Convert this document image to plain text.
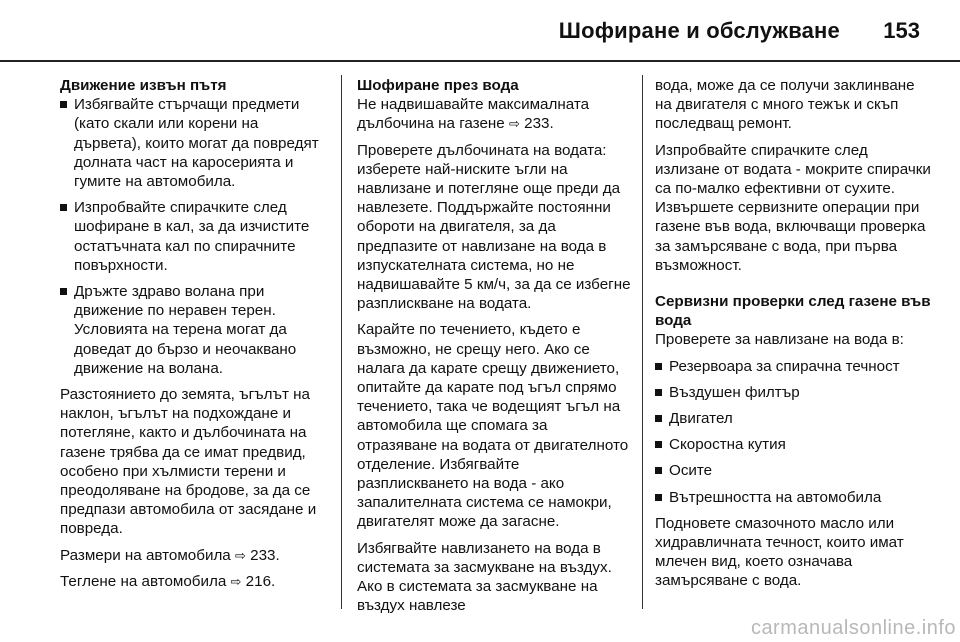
Шофиране и обслужване 153
Движение извън пътя
Избягвайте стърчащи предмети (като скали или корени на дърветa), които могат да повредят долната част на каросерията и гумите на автомобила.
Изпробвайте спирачките след шофиране в кал, за да изчистите остатъчната кал по спирачните повърхности.
Дръжте здраво волана при движение по неравен терен. Условията на терена могат да доведат до бързо и неочаквано движение на волана.

Разстоянието до земята, ъгълът на наклон, ъгълът на подхождане и потегляне, както и дълбочината на газене трябва да се имат предвид, особено при хълмисти терени и преодоляване на бродове, за да се предпази автомобила от засядане и повреда.

Размери на автомобила ⇨ 233.

Теглене на автомобила ⇨ 216.

Шофиране през вода

Не надвишавайте максималната дълбочина на газене ⇨ 233.

Проверете дълбочината на водата: изберете най-ниските ъгли на навлизане и потегляне още преди да навлезете. Поддържайте постоянни обороти на двигателя, за да предпазите от навлизане на вода в изпускателната система, но не надвишавайте 5 км/ч, за да се избегне разплискване на водата.

Карайте по течението, където е възможно, не срещу него. Ако се налага да карате срещу движението, опитайте да карате под ъгъл спрямо течението, така че водещият ъгъл на автомобила ще спомага за отразяване на водата от двигателното отделение. Избягвайте разплискването на вода - ако запалителната система се намокри, двигателят може да загасне.

Избягвайте навлизането на вода в системата за засмукване на въздух. Ако в системата за засмукване на въздух навлезе

вода, може да се получи заклинване на двигателя с много тежък и скъп последващ ремонт.

Изпробвайте спирачките след излизане от водата - мокрите спирачки са по-малко ефективни от сухите. Извършете сервизните операции при газене във вода, включващи проверка за замърсяване с вода, при първа възможност.

Сервизни проверки след газене във вода

Проверете за навлизане на вода в:

Резервоара за спирачна течност
Въздушен филтър
Двигател
Скоростна кутия
Осите
Вътрешността на автомобила

Подновете смазочното масло или хидравличната течност, които имат млечен вид, което означава замърсяване с вода.

carmanualsonline.info
